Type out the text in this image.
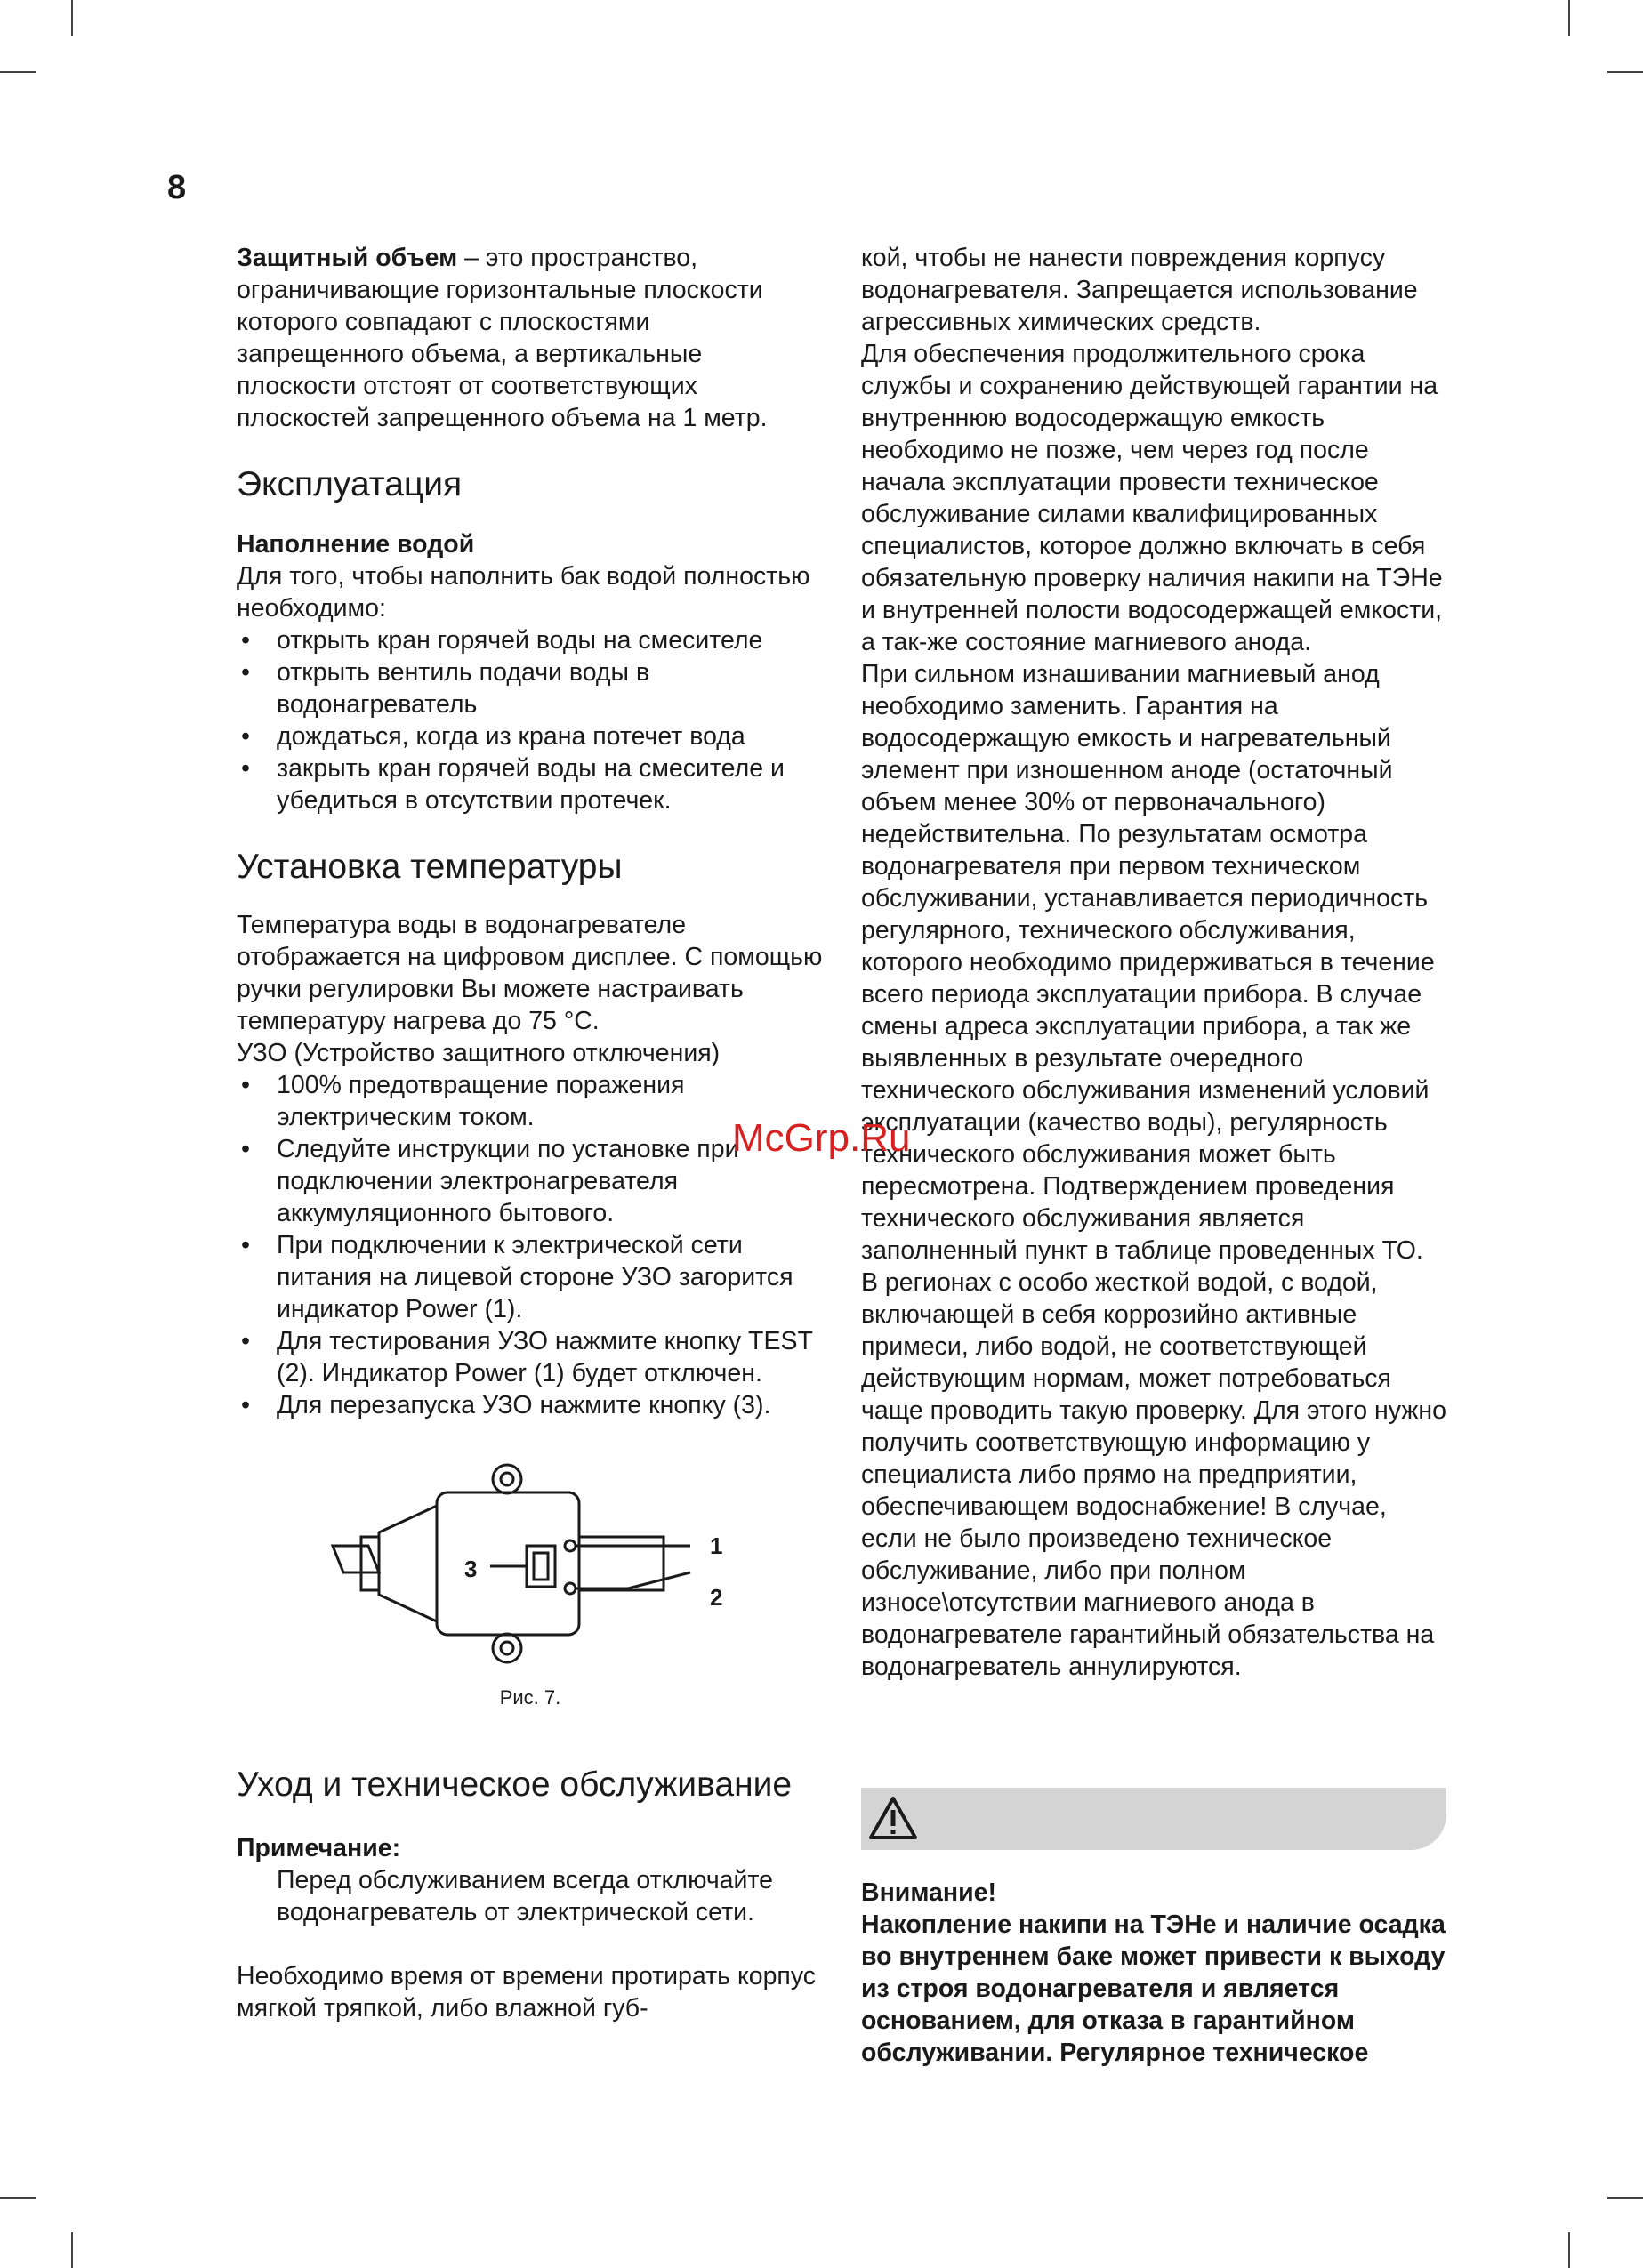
8

Защитный объем – это пространство, ограничивающие горизонтальные плоскости которого совпадают с плоскостями запрещенного объема, а вертикальные плоскости отстоят от соответствующих плоскостей запрещенного объема на 1 метр.

Эксплуатация

Наполнение водой

Для того, чтобы наполнить бак водой полностью необходимо:

• открыть кран горячей воды на смесителе
• открыть вентиль подачи воды в водонагреватель
• дождаться, когда из крана потечет вода
• закрыть кран горячей воды на смесителе и убедиться в отсутствии протечек.
Установка температуры

Температура воды в водонагревателе отображается на цифровом дисплее. С помощью ручки регулировки Вы можете настраивать температуру нагрева до 75 °С.

УЗО (Устройство защитного отключения)

• 100% предотвращение поражения электрическим током.
• Следуйте инструкции по установке при подключении электронагревателя аккумуляционного бытового.
• При подключении к электрической сети питания на лицевой стороне УЗО загорится индикатор Power (1).
• Для тестирования УЗО нажмите кнопку TEST (2). Индикатор Power (1) будет отключен.
• Для перезапуска УЗО нажмите кнопку (3).
1
2
3

Рис. 7.

Уход и техническое обслуживание

Примечание:

Перед обслуживанием всегда отключайте водонагреватель от электрической сети.

Необходимо время от времени протирать корпус мягкой тряпкой, либо влажной губ-

кой, чтобы не нанести повреждения корпусу водонагревателя. Запрещается использование агрессивных химических средств.

Для обеспечения продолжительного срока службы и сохранению действующей гарантии на внутреннюю водосодержащую емкость необходимо не позже, чем через год после начала эксплуатации провести техническое обслуживание силами квалифицированных специалистов, которое должно включать в себя обязательную проверку наличия накипи на ТЭНе и внутренней полости водосодержащей емкости, а так-же состояние магниевого анода.

При сильном изнашивании магниевый анод необходимо заменить. Гарантия на водосодержащую емкость и нагревательный элемент при изношенном аноде (остаточный объем менее 30% от первоначального) недействительна. По результатам осмотра водонагревателя при первом техническом обслуживании, устанавливается периодичность регулярного, технического обслуживания, которого необходимо придерживаться в течение всего периода эксплуатации прибора. В случае смены адреса эксплуатации прибора, а так же выявленных в результате очередного технического обслуживания изменений условий эксплуатации (качество воды), регулярность технического обслуживания может быть пересмотрена. Подтверждением проведения технического обслуживания является заполненный пункт в таблице проведенных ТО.

В регионах с особо жесткой водой, с водой, включающей в себя коррозийно активные примеси, либо водой, не соответствующей действующим нормам, может потребоваться чаще проводить такую проверку. Для этого нужно получить соответствующую информацию у специалиста либо прямо на предприятии, обеспечивающем водоснабжение! В случае, если не было произведено техническое обслуживание, либо при полном износе\отсутствии магниевого анода в водонагревателе гарантийный обязательства на водонагреватель аннулируются.

Внимание!

Накопление накипи на ТЭНе и наличие осадка во внутреннем баке может привести к выходу из строя водонагревателя и является основанием, для отказа в гарантийном обслуживании. Регулярное техническое

McGrp.Ru
